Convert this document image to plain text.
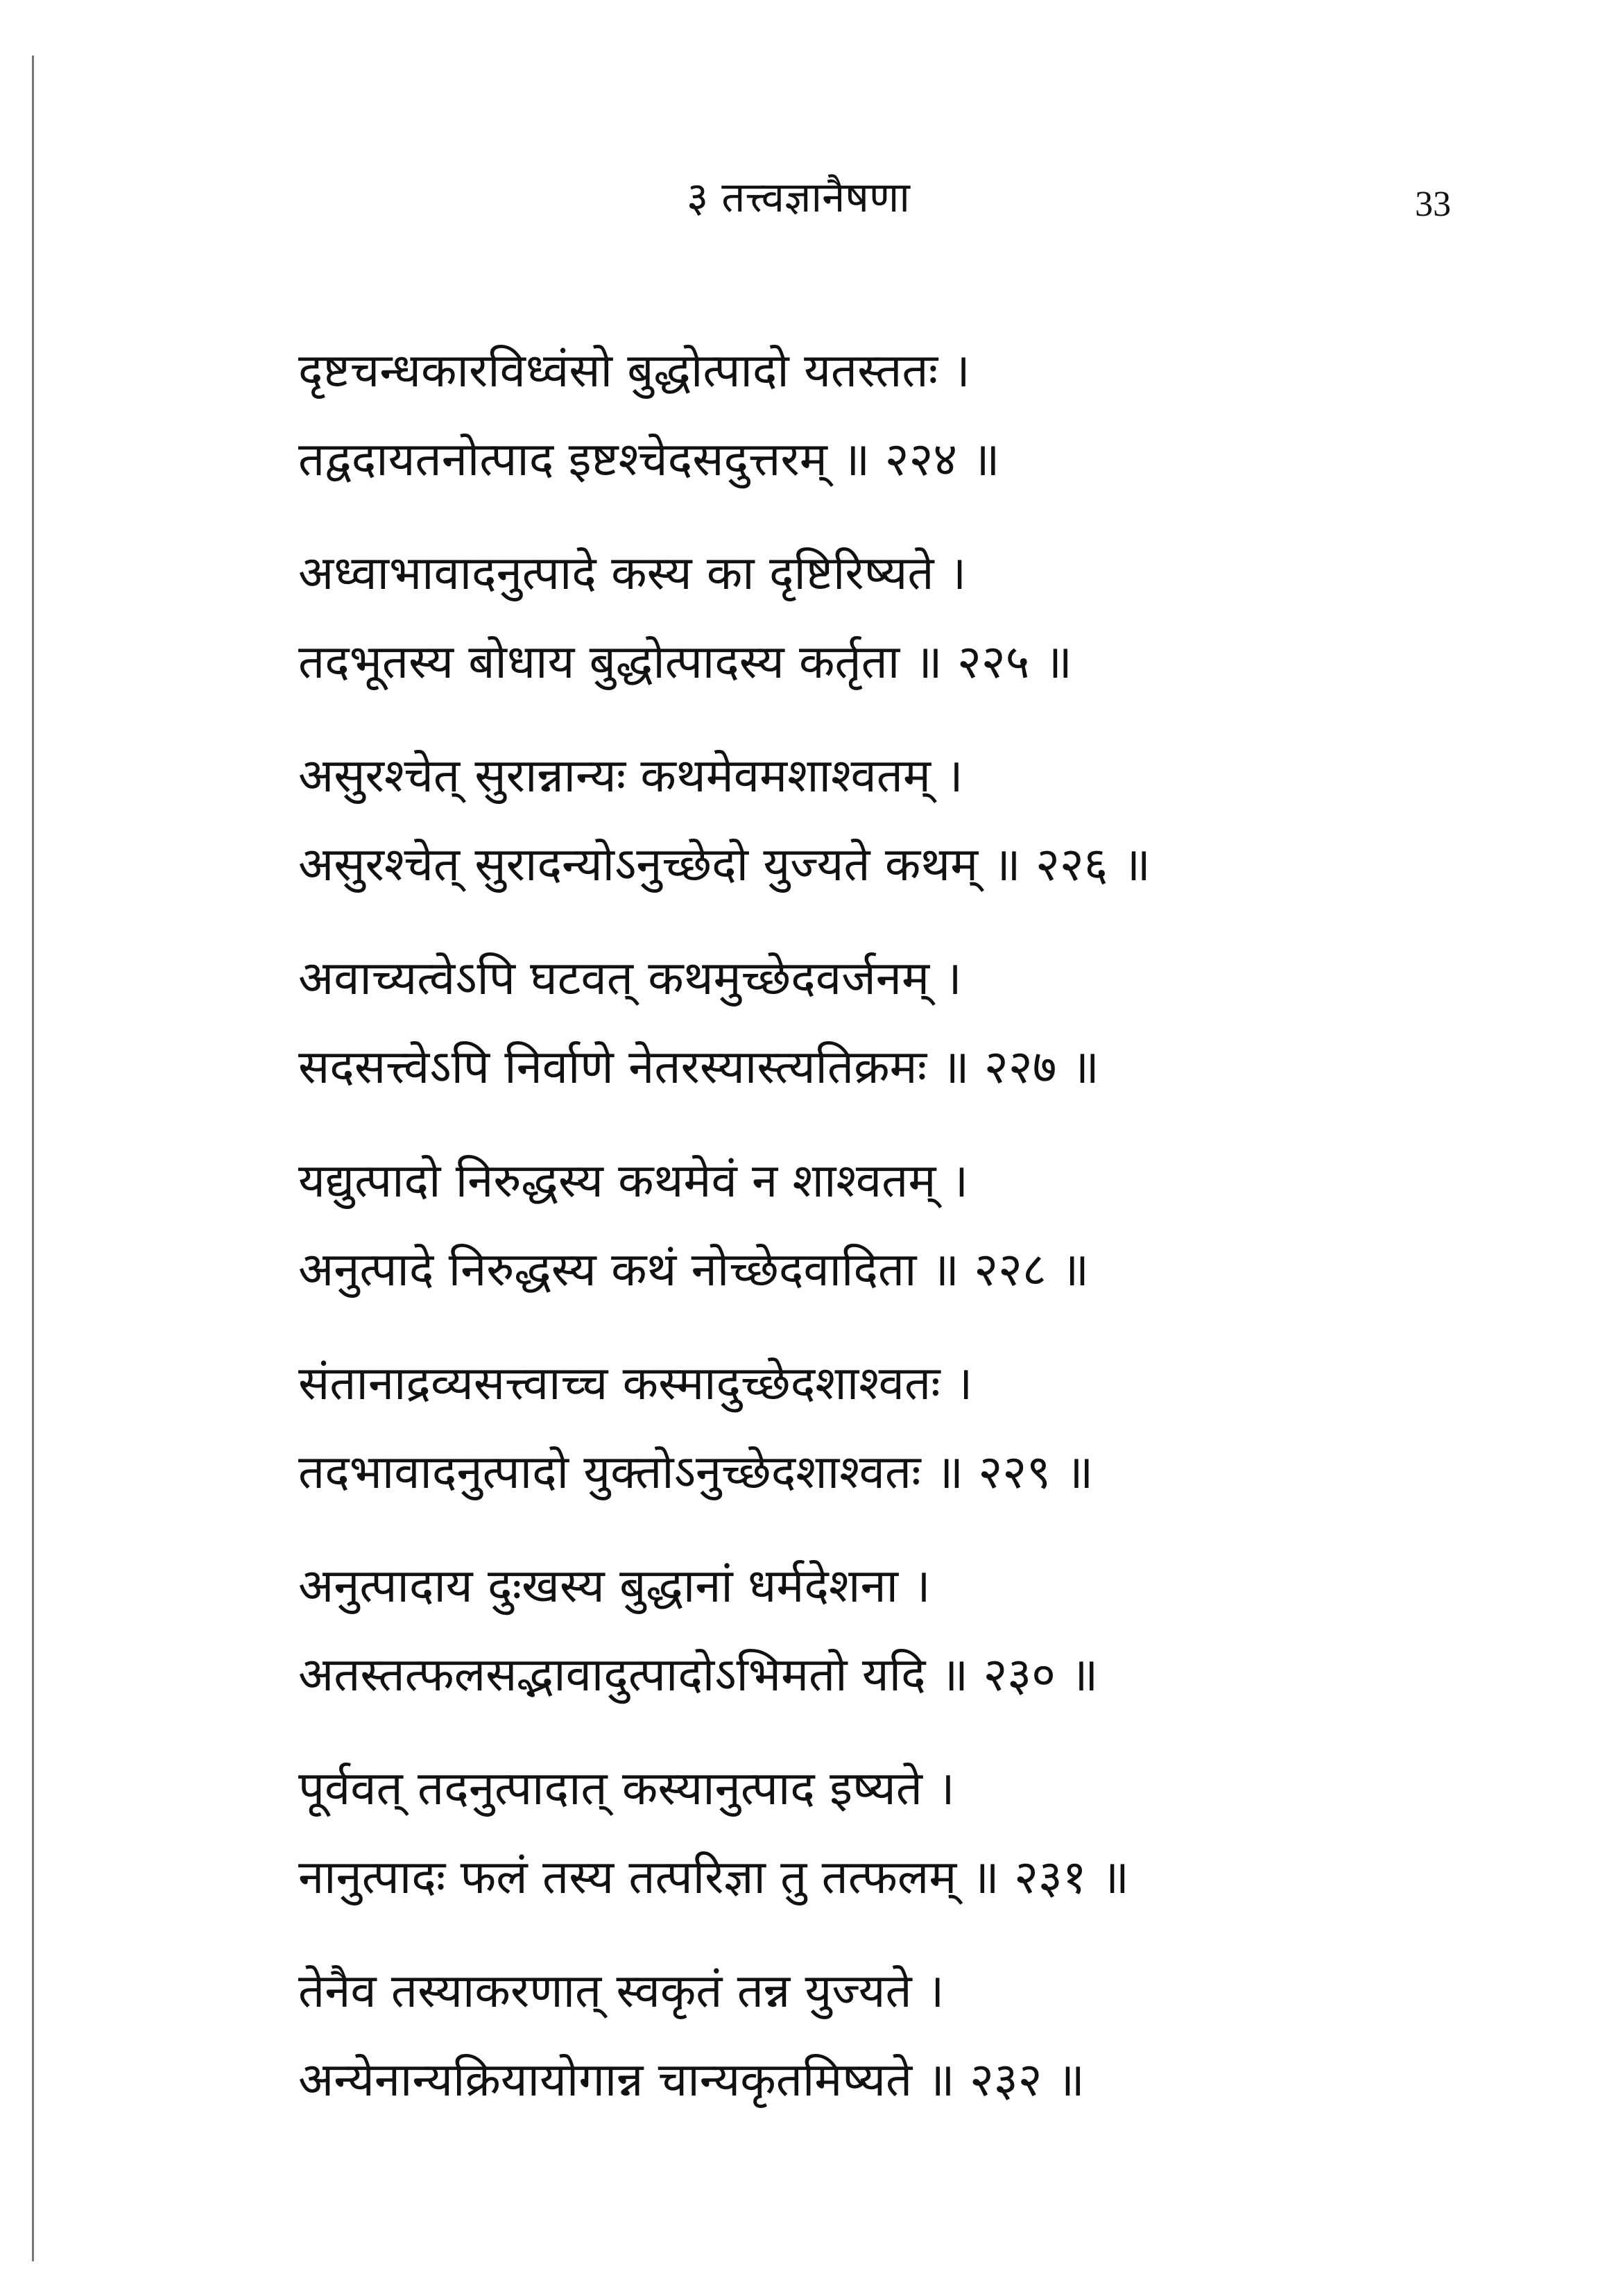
३ तत्त्वज्ञानैषणा	33
दृष्टचन्धकारविध्वंसो बुद्धोत्पादो यतस्ततः ।
तद्वदायतनोत्पाद इष्टश्चेदसदुत्तरम् ॥ २२४ ॥
अध्वाभावादनुत्पादे कस्य का दृष्टिरिष्यते ।
तदभूतस्य बोधाय बुद्धोत्पादस्य कर्तृता ॥ २२५ ॥
असुरश्चेत् सुरान्नान्यः कथमेवमशाश्वतम् ।
असुरश्चेत् सुरादन्योऽनुच्छेदो युज्यते कथम् ॥ २२६ ॥
अवाच्यत्वेऽपि घटवत् कथमुच्छेदवर्जनम् ।
सदसत्त्वेऽपि निर्वाणे नेतरस्यास्त्यतिक्रमः ॥ २२७ ॥
यद्युत्पादो निरुद्धस्य कथमेवं न शाश्वतम् ।
अनुत्पादे निरुद्धस्य कथं नोच्छेदवादिता ॥ २२८ ॥
संतानाद्रव्यसत्त्वाच्च कस्मादुच्छेदशाश्वतः ।
तदभावादनुत्पादो युक्तोऽनुच्छेदशाश्वतः ॥ २२९ ॥
अनुत्पादाय दुःखस्य बुद्धानां धर्मदेशना ।
अतस्तत्फलसद्भावादुत्पादोऽभिमतो यदि ॥ २३० ॥
पूर्ववत् तदनुत्पादात् कस्यानुत्पाद इष्यते ।
नानुत्पादः फलं तस्य तत्परिज्ञा तु तत्फलम् ॥ २३१ ॥
तेनैव तस्याकरणात् स्वकृतं तन्न युज्यते ।
अन्येनान्यक्रियायोगान्न चान्यकृतमिष्यते ॥ २३२ ॥
